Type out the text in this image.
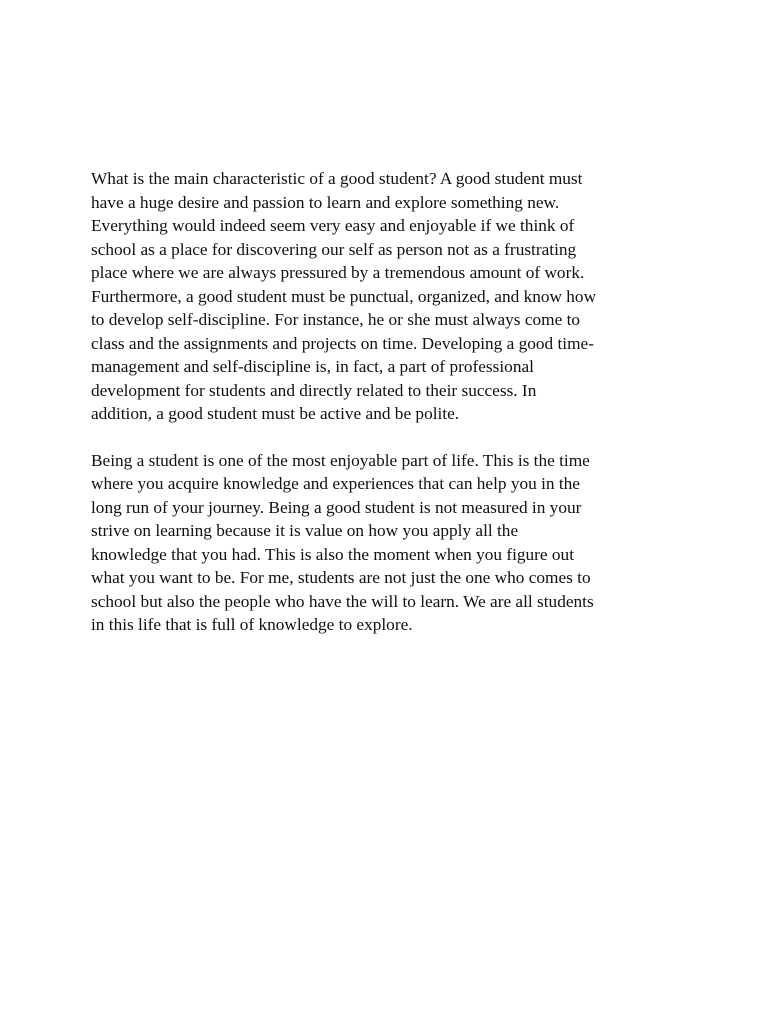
What is the main characteristic of a good student? A good student must
have a huge desire and passion to learn and explore something new.
Everything would indeed seem very easy and enjoyable if we think of
school as a place for discovering our self as person not as a frustrating
place where we are always pressured by a tremendous amount of work.
Furthermore, a good student must be punctual, organized, and know how
to develop self-discipline. For instance, he or she must always come to
class and the assignments and projects on time. Developing a good time-
management and self-discipline is, in fact, a part of professional
development for students and directly related to their success. In
addition, a good student must be active and be polite.

Being a student is one of the most enjoyable part of life. This is the time
where you acquire knowledge and experiences that can help you in the
long run of your journey. Being a good student is not measured in your
strive on learning because it is value on how you apply all the
knowledge that you had. This is also the moment when you figure out
what you want to be. For me, students are not just the one who comes to
school but also the people who have the will to learn. We are all students
in this life that is full of knowledge to explore.
